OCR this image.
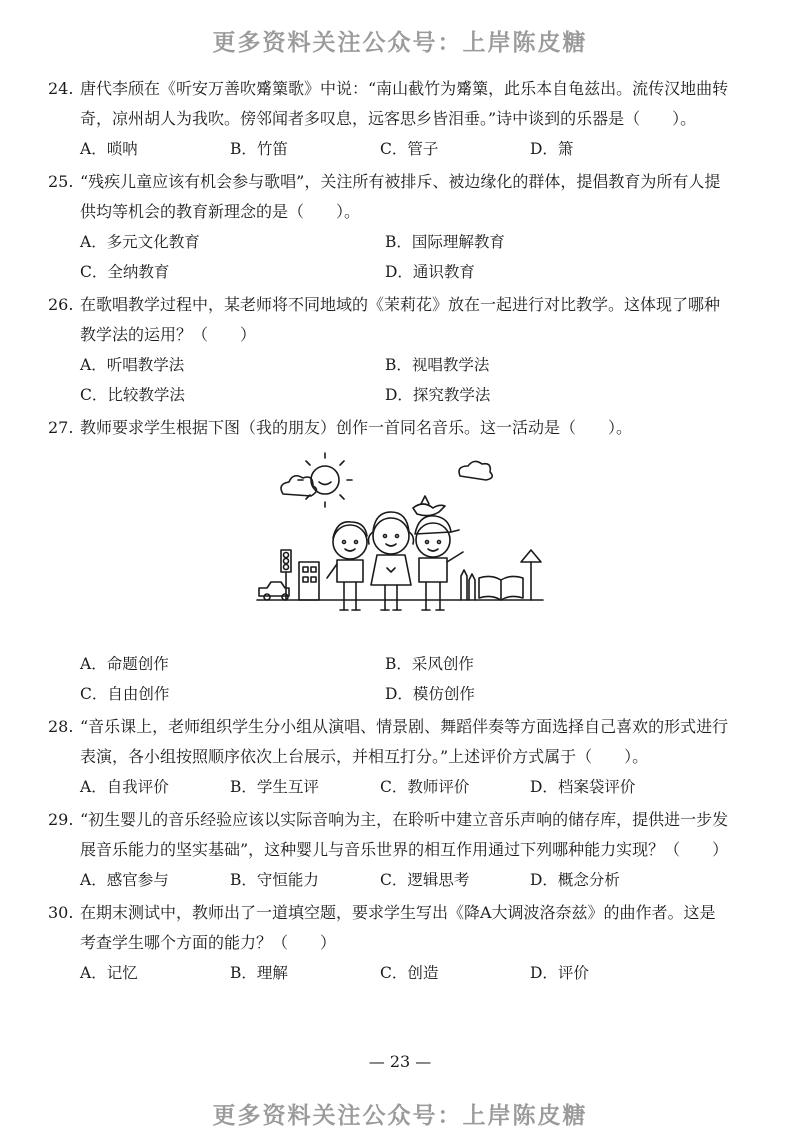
更多资料关注公众号：上岸陈皮糖
24. 唐代李颀在《听安万善吹觱篥歌》中说：“南山截竹为觱篥，此乐本自龟兹出。流传汉地曲转奇，凉州胡人为我吹。傍邻闻者多叹息，远客思乡皆泪垂。”诗中谈到的乐器是（　　）。
A．唢呐	B．竹笛	C．管子	D．箫
25. “残疾儿童应该有机会参与歌唱”，关注所有被排斥、被边缘化的群体，提倡教育为所有人提供均等机会的教育新理念的是（　　）。
A．多元文化教育	B．国际理解教育
C．全纳教育	D．通识教育
26. 在歌唱教学过程中，某老师将不同地域的《茉莉花》放在一起进行对比教学。这体现了哪种教学法的运用？（　　）
A．听唱教学法	B．视唱教学法
C．比较教学法	D．探究教学法
27. 教师要求学生根据下图（我的朋友）创作一首同名音乐。这一活动是（　　）。
A．命题创作	B．采风创作
C．自由创作	D．模仿创作
28. “音乐课上，老师组织学生分小组从演唱、情景剧、舞蹈伴奏等方面选择自己喜欢的形式进行表演，各小组按照顺序依次上台展示，并相互打分。”上述评价方式属于（　　）。
A．自我评价	B．学生互评	C．教师评价	D．档案袋评价
29. “初生婴儿的音乐经验应该以实际音响为主，在聆听中建立音乐声响的储存库，提供进一步发展音乐能力的坚实基础”，这种婴儿与音乐世界的相互作用通过下列哪种能力实现？（　　）
A．感官参与	B．守恒能力	C．逻辑思考	D．概念分析
30. 在期末测试中，教师出了一道填空题，要求学生写出《降A大调波洛奈兹》的曲作者。这是考查学生哪个方面的能力？（　　）
A．记忆	B．理解	C．创造	D．评价
— 23 —
更多资料关注公众号：上岸陈皮糖
